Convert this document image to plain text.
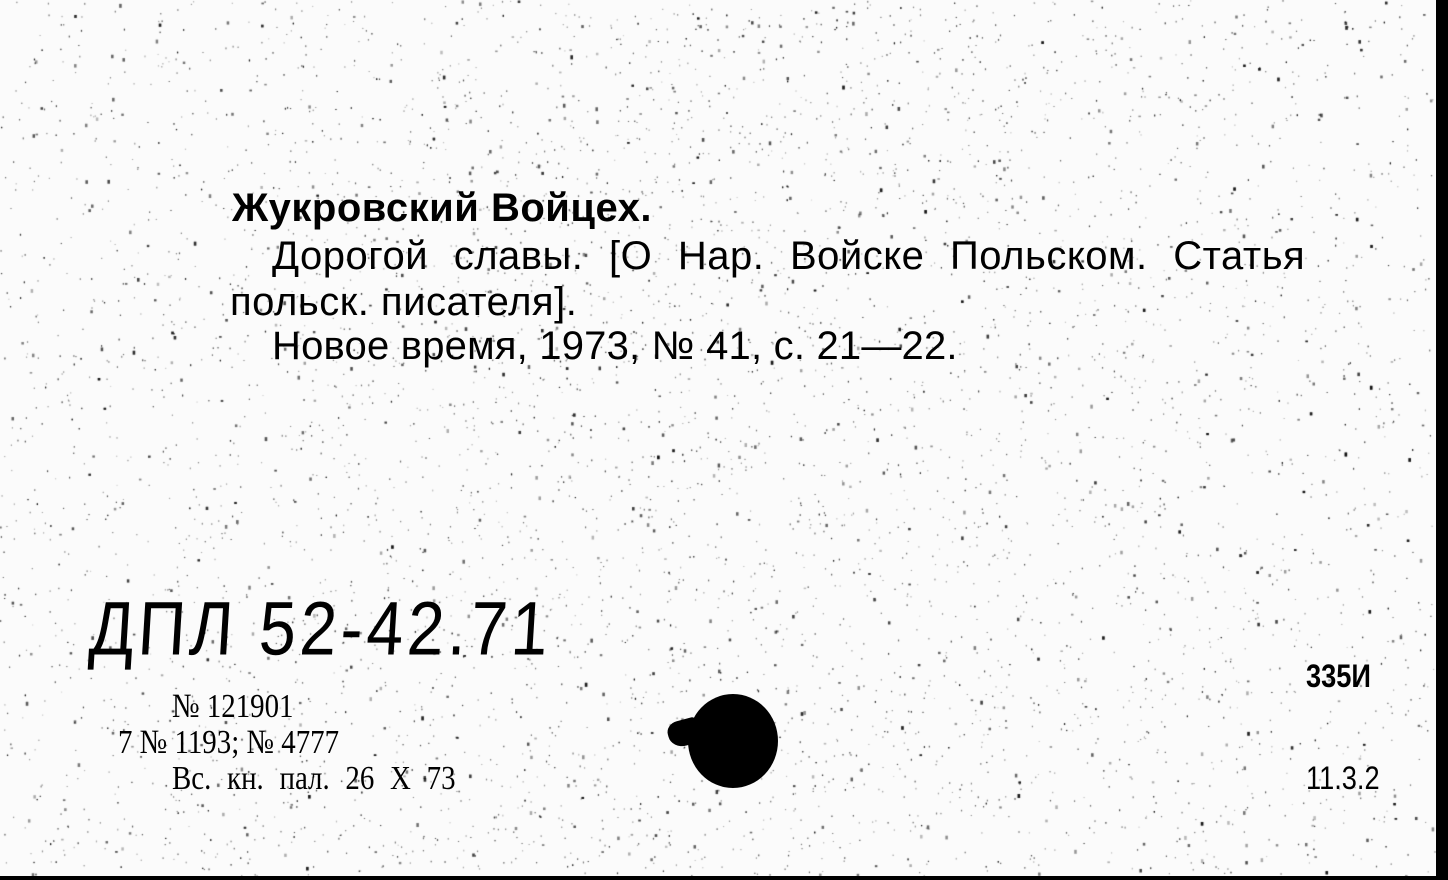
Жукровский Войцех.
Дорогой славы. [О Нар. Войске Польском. Статья
польск. писателя].
Новое время, 1973, № 41, с. 21—22.
ДПЛ 52-42.71
№ 121901
7 № 1193; № 4777
Вс. кн. пал. 26 X 73
335И
11.3.2
